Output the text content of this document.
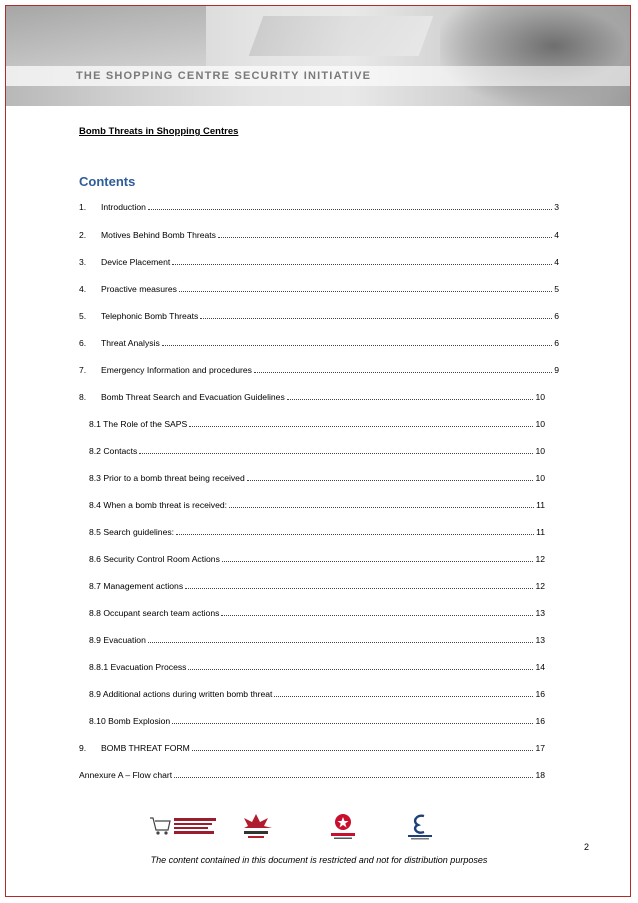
THE SHOPPING CENTRE SECURITY INITIATIVE
Bomb Threats in Shopping Centres
Contents
1.	Introduction	3
2.	Motives Behind Bomb Threats	4
3.	Device Placement	4
4.	Proactive measures	5
5.	Telephonic Bomb Threats	6
6.	Threat Analysis	6
7.	Emergency Information and procedures	9
8.	Bomb Threat Search and Evacuation Guidelines	10
8.1 The Role of the SAPS	10
8.2 Contacts	10
8.3 Prior to a bomb threat being received	10
8.4 When a bomb threat is received:	11
8.5 Search guidelines:	11
8.6 Security Control Room Actions	12
8.7 Management actions	12
8.8 Occupant search team actions	13
8.9 Evacuation	13
8.8.1 Evacuation Process	14
8.9 Additional actions during written bomb threat	16
8.10 Bomb Explosion	16
9.	BOMB THREAT FORM	17
Annexure A – Flow chart	18
2
The content contained in this document is restricted and not for distribution purposes
